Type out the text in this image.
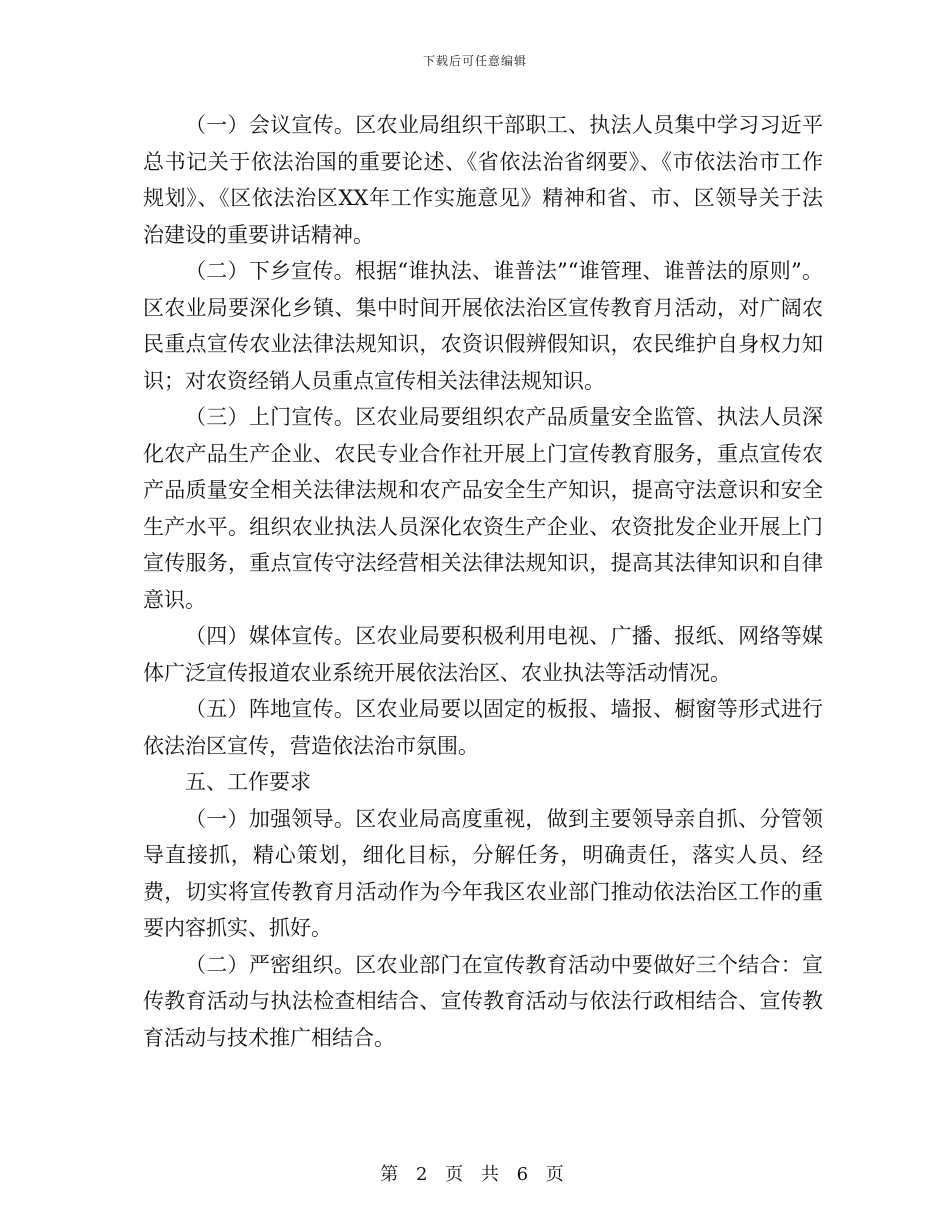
下载后可任意编辑

（一）会议宣传。区农业局组织干部职工、执法人员集中学习习近平总书记关于依法治国的重要论述、《省依法治省纲要》、《市依法治市工作规划》、《区依法治区XX年工作实施意见》精神和省、市、区领导关于法治建设的重要讲话精神。

（二）下乡宣传。根据“谁执法、谁普法”“谁管理、谁普法的原则”。区农业局要深化乡镇、集中时间开展依法治区宣传教育月活动，对广阔农民重点宣传农业法律法规知识，农资识假辨假知识，农民维护自身权力知识；对农资经销人员重点宣传相关法律法规知识。

（三）上门宣传。区农业局要组织农产品质量安全监管、执法人员深化农产品生产企业、农民专业合作社开展上门宣传教育服务，重点宣传农产品质量安全相关法律法规和农产品安全生产知识，提高守法意识和安全生产水平。组织农业执法人员深化农资生产企业、农资批发企业开展上门宣传服务，重点宣传守法经营相关法律法规知识，提高其法律知识和自律意识。

（四）媒体宣传。区农业局要积极利用电视、广播、报纸、网络等媒体广泛宣传报道农业系统开展依法治区、农业执法等活动情况。

（五）阵地宣传。区农业局要以固定的板报、墙报、橱窗等形式进行依法治区宣传，营造依法治市氛围。

五、工作要求

（一）加强领导。区农业局高度重视，做到主要领导亲自抓、分管领导直接抓，精心策划，细化目标，分解任务，明确责任，落实人员、经费，切实将宣传教育月活动作为今年我区农业部门推动依法治区工作的重要内容抓实、抓好。

（二）严密组织。区农业部门在宣传教育活动中要做好三个结合：宣传教育活动与执法检查相结合、宣传教育活动与依法行政相结合、宣传教育活动与技术推广相结合。

第 2 页 共 6 页
